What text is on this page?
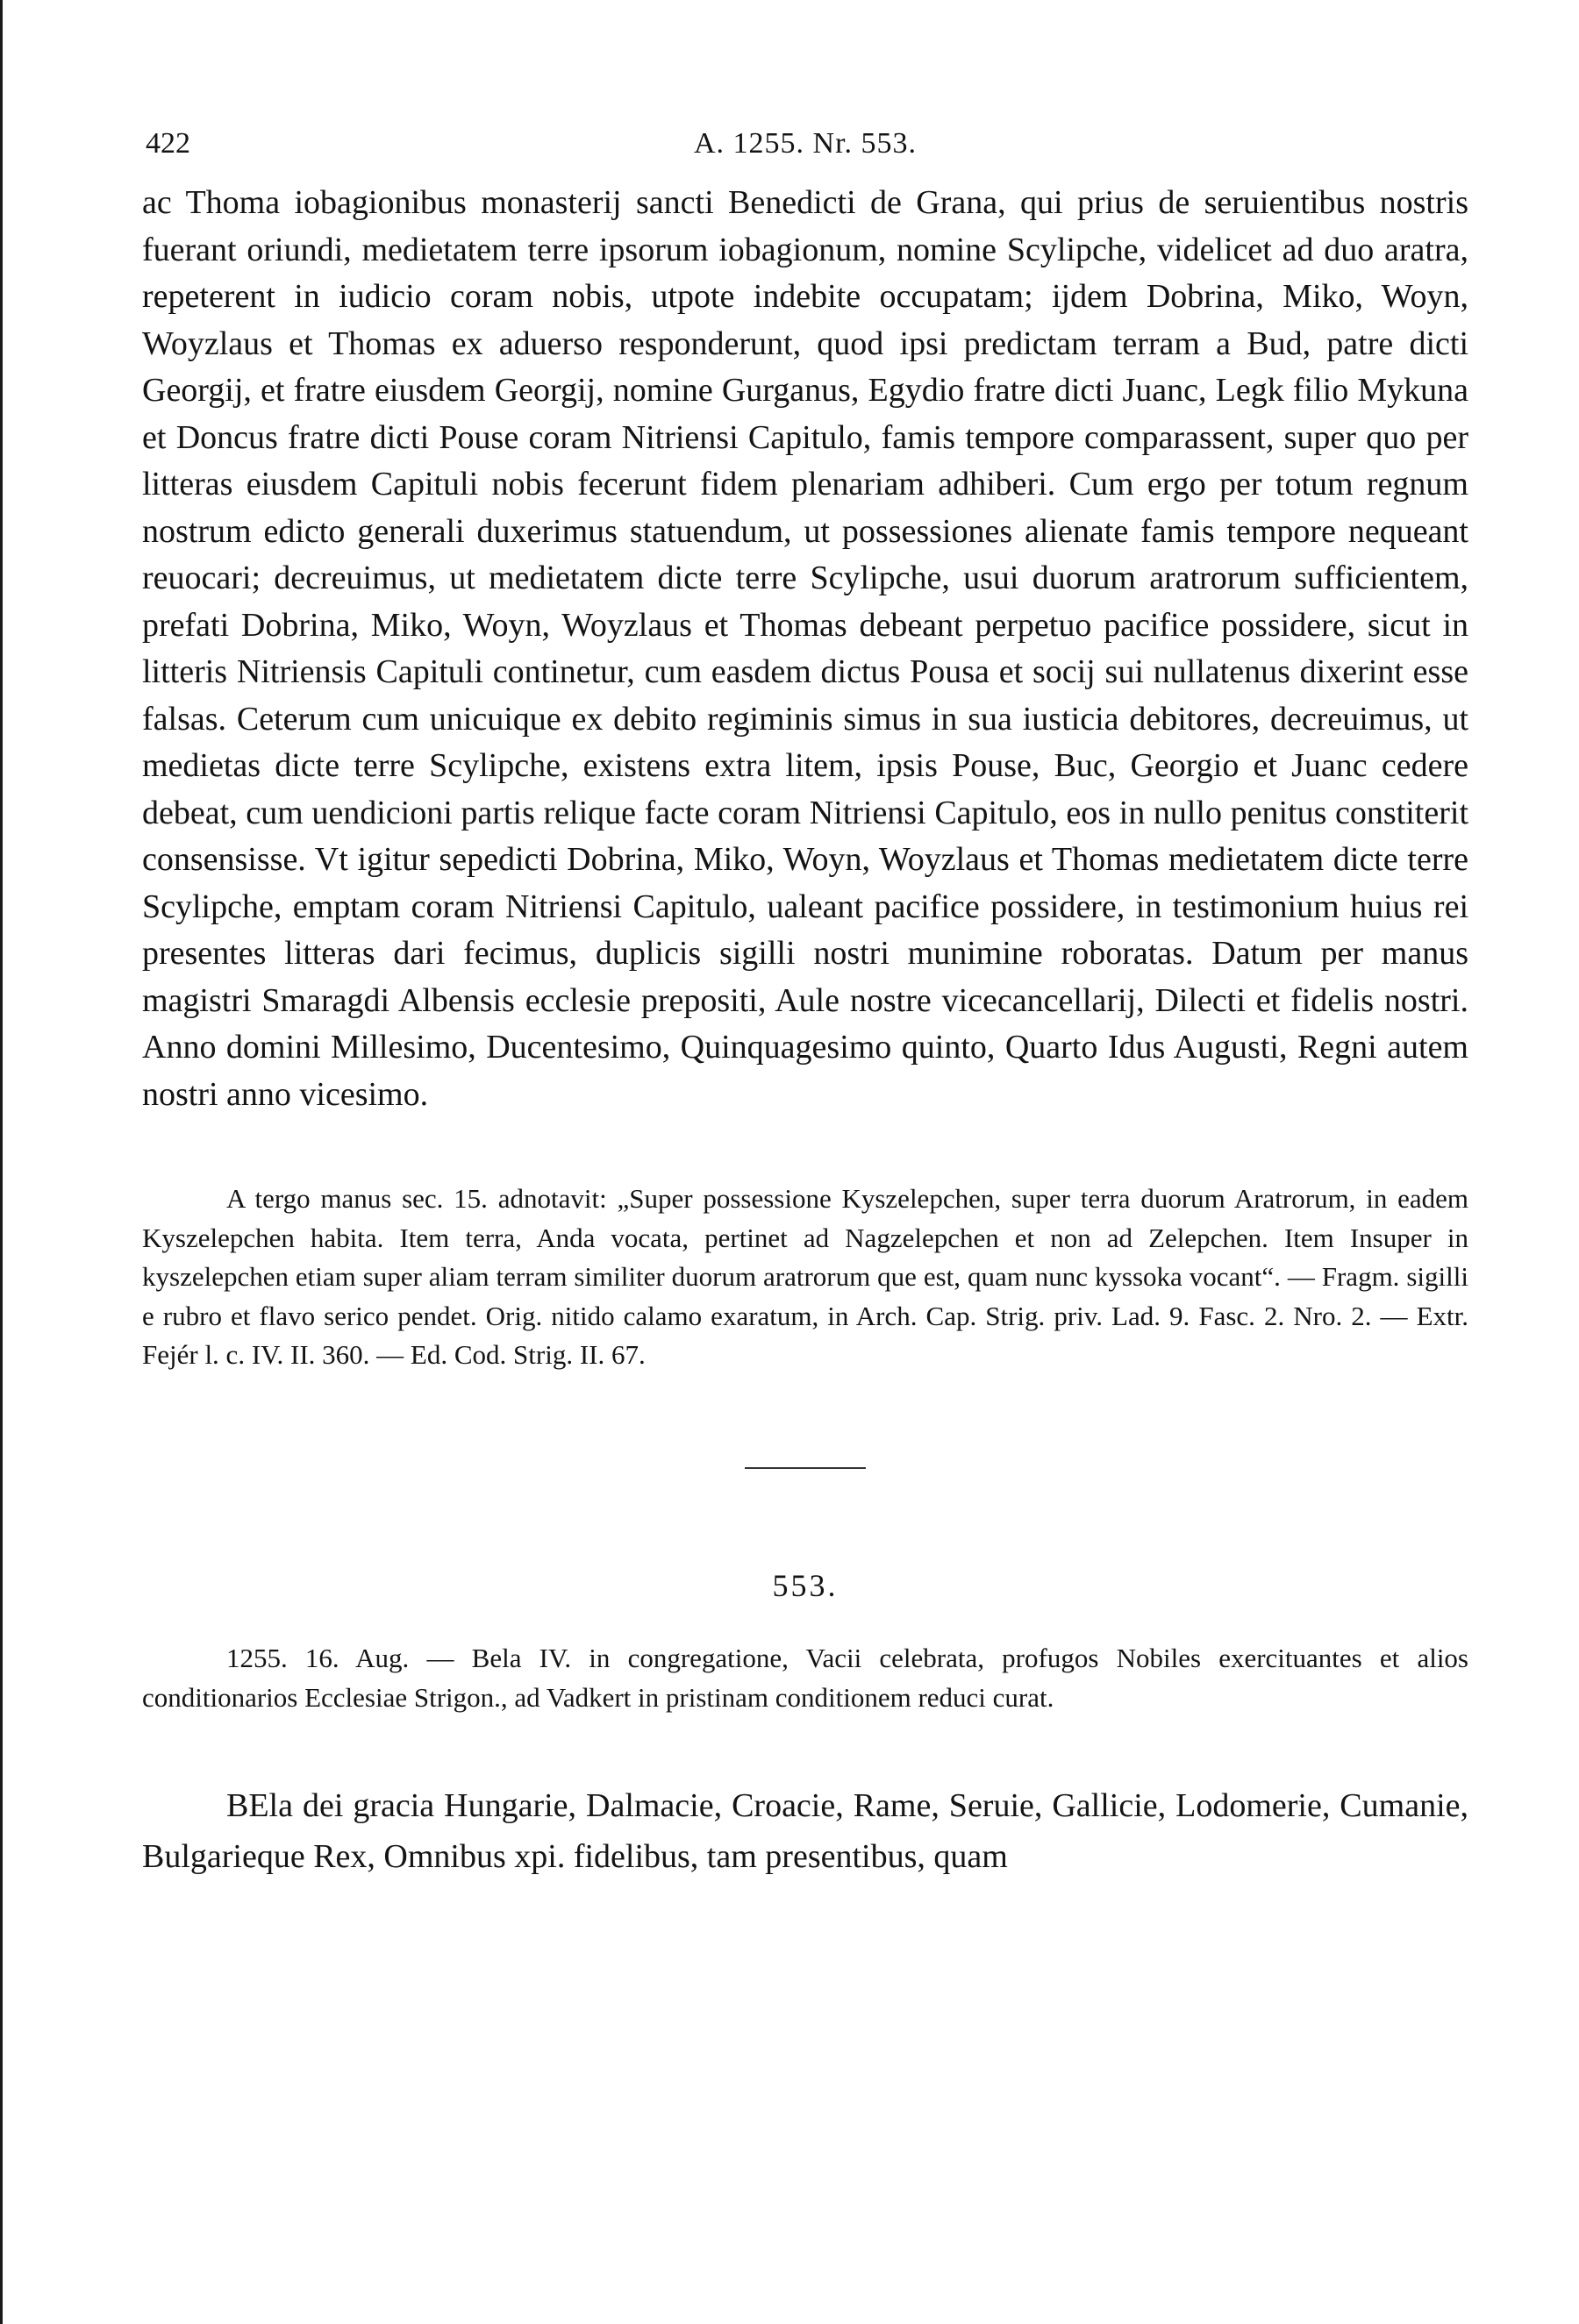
422	A. 1255. Nr. 553.

ac Thoma iobagionibus monasterij sancti Benedicti de Grana, qui prius de seruientibus nostris fuerant oriundi, medietatem terre ipsorum iobagionum, nomine Scylipche, videlicet ad duo aratra, repeterent in iudicio coram nobis, utpote indebite occupatam; ijdem Dobrina, Miko, Woyn, Woyzlaus et Thomas ex aduerso responderunt, quod ipsi predictam terram a Bud, patre dicti Georgij, et fratre eiusdem Georgij, nomine Gurganus, Egydio fratre dicti Juanc, Legk filio Mykuna et Doncus fratre dicti Pouse coram Nitriensi Capitulo, famis tempore comparassent, super quo per litteras eiusdem Capituli nobis fecerunt fidem plenariam adhiberi. Cum ergo per totum regnum nostrum edicto generali duxerimus statuendum, ut possessiones alienate famis tempore nequeant reuocari; decreuimus, ut medietatem dicte terre Scylipche, usui duorum aratrorum sufficientem, prefati Dobrina, Miko, Woyn, Woyzlaus et Thomas debeant perpetuo pacifice possidere, sicut in litteris Nitriensis Capituli continetur, cum easdem dictus Pousa et socij sui nullatenus dixerint esse falsas. Ceterum cum unicuique ex debito regiminis simus in sua iusticia debitores, decreuimus, ut medietas dicte terre Scylipche, existens extra litem, ipsis Pouse, Buc, Georgio et Juanc cedere debeat, cum uendicioni partis relique facte coram Nitriensi Capitulo, eos in nullo penitus constiterit consensisse. Vt igitur sepedicti Dobrina, Miko, Woyn, Woyzlaus et Thomas medietatem dicte terre Scylipche, emptam coram Nitriensi Capitulo, ualeant pacifice possidere, in testimonium huius rei presentes litteras dari fecimus, duplicis sigilli nostri munimine roboratas. Datum per manus magistri Smaragdi Albensis ecclesie prepositi, Aule nostre vicecancellarij, Dilecti et fidelis nostri. Anno domini Millesimo, Ducentesimo, Quinquagesimo quinto, Quarto Idus Augusti, Regni autem nostri anno vicesimo.

A tergo manus sec. 15. adnotavit: „Super possessione Kyszelepchen, super terra duorum Aratrorum, in eadem Kyszelepchen habita. Item terra, Anda vocata, pertinet ad Nagzelepchen et non ad Zelepchen. Item Insuper in kyszelepchen etiam super aliam terram similiter duorum aratrorum que est, quam nunc kyssoka vocant“. — Fragm. sigilli e rubro et flavo serico pendet. Orig. nitido calamo exaratum, in Arch. Cap. Strig. priv. Lad. 9. Fasc. 2. Nro. 2. — Extr. Fejér l. c. IV. II. 360. — Ed. Cod. Strig. II. 67.

553.

1255. 16. Aug. — Bela IV. in congregatione, Vacii celebrata, profugos Nobiles exercituantes et alios conditionarios Ecclesiae Strigon., ad Vadkert in pristinam conditionem reduci curat.

BEla dei gracia Hungarie, Dalmacie, Croacie, Rame, Seruie, Gallicie, Lodomerie, Cumanie, Bulgarieque Rex, Omnibus xpi. fidelibus, tam presentibus, quam
